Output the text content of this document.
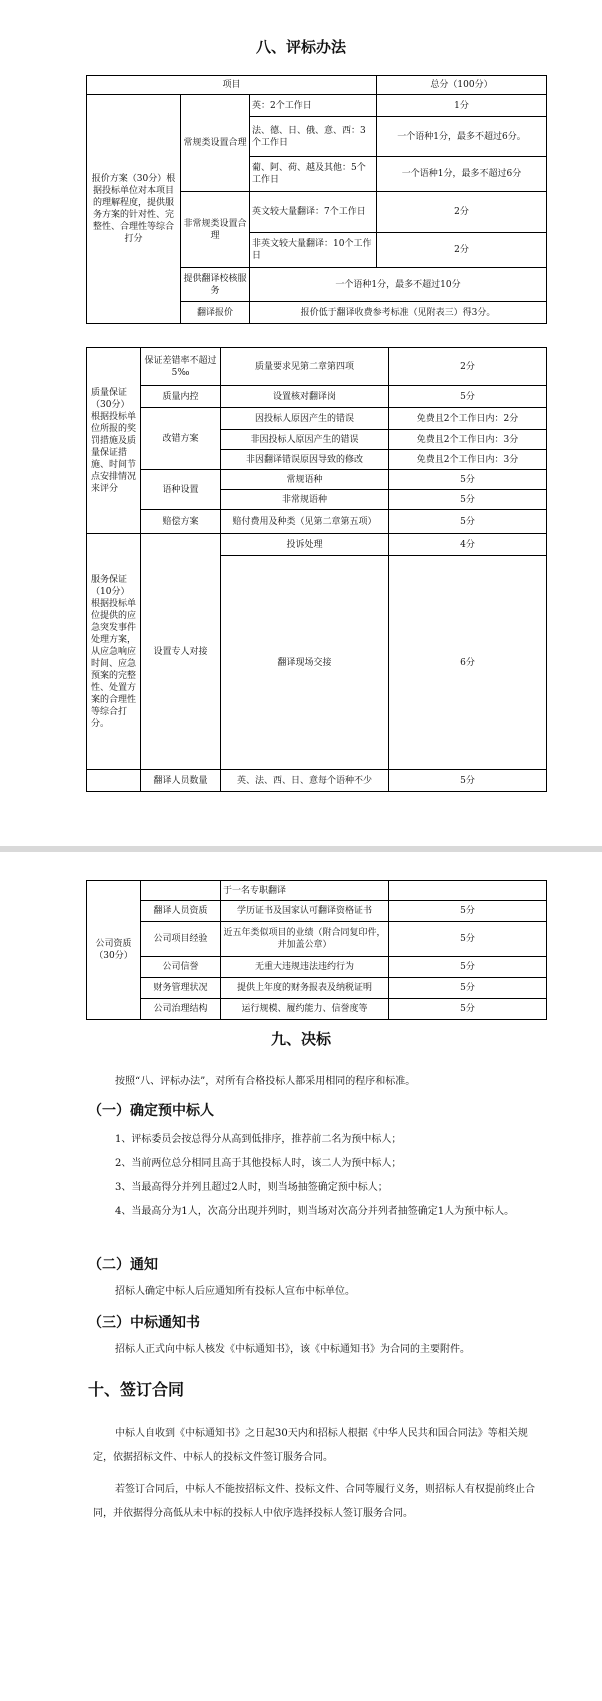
八、评标办法
项目			总分（100分）
报价方案（30分）根据投标单位对本项目的理解程度，提供服务方案的针对性、完整性、合理性等综合打分	常规类设置合理	英：2个工作日	1分
		法、德、日、俄、意、西：3个工作日	一个语种1分，最多不超过6分。
		葡、阿、荷、越及其他：5个工作日	一个语种1分，最多不超过6分
	非常规类设置合理	英文较大量翻译：7个工作日	2分
		非英文较大量翻译：10个工作日	2分
	提供翻译校核服务	一个语种1分，最多不超过10分	
	翻译报价	报价低于翻译收费参考标准（见附表三）得3分。	
质量保证（30分）根据投标单位所报的奖罚措施及质量保证措施、时间节点安排情况来评分	保证差错率不超过5‰	质量要求见第二章第四项	2分
	质量内控	设置核对翻译岗	5分
	改错方案	因投标人原因产生的错误	免费且2个工作日内：2分
		非因投标人原因产生的错误	免费且2个工作日内：3分
		非因翻译错误原因导致的修改	免费且2个工作日内：3分
	语种设置	常规语种	5分
		非常规语种	5分
	赔偿方案	赔付费用及种类（见第二章第五项）	5分
服务保证（10分）根据投标单位提供的应急突发事件处理方案，从应急响应时间、应急预案的完整性、处置方案的合理性等综合打分。	设置专人对接	投诉处理	4分
		翻译现场交接	6分
	翻译人员数量	英、法、西、日、意每个语种不少	5分
公司资质（30分）		于一名专职翻译	
	翻译人员资质	学历证书及国家认可翻译资格证书	5分
	公司项目经验	近五年类似项目的业绩（附合同复印件，并加盖公章）	5分
	公司信誉	无重大违规违法违约行为	5分
	财务管理状况	提供上年度的财务报表及纳税证明	5分
	公司治理结构	运行规模、履约能力、信誉度等	5分
九、决标

按照“八、评标办法”，对所有合格投标人都采用相同的程序和标准。

（一）确定预中标人

1、评标委员会按总得分从高到低排序，推荐前二名为预中标人；

2、当前两位总分相同且高于其他投标人时，该二人为预中标人；

3、当最高得分并列且超过2人时，则当场抽签确定预中标人；

4、当最高分为1人，次高分出现并列时，则当场对次高分并列者抽签确定1人为预中标人。

（二）通知

招标人确定中标人后应通知所有投标人宣布中标单位。

（三）中标通知书

招标人正式向中标人核发《中标通知书》，该《中标通知书》为合同的主要附件。

十、签订合同

中标人自收到《中标通知书》之日起30天内和招标人根据《中华人民共和国合同法》等相关规定，依据招标文件、中标人的投标文件签订服务合同。

若签订合同后，中标人不能按招标文件、投标文件、合同等履行义务，则招标人有权提前终止合同，并依据得分高低从未中标的投标人中依序选择投标人签订服务合同。
